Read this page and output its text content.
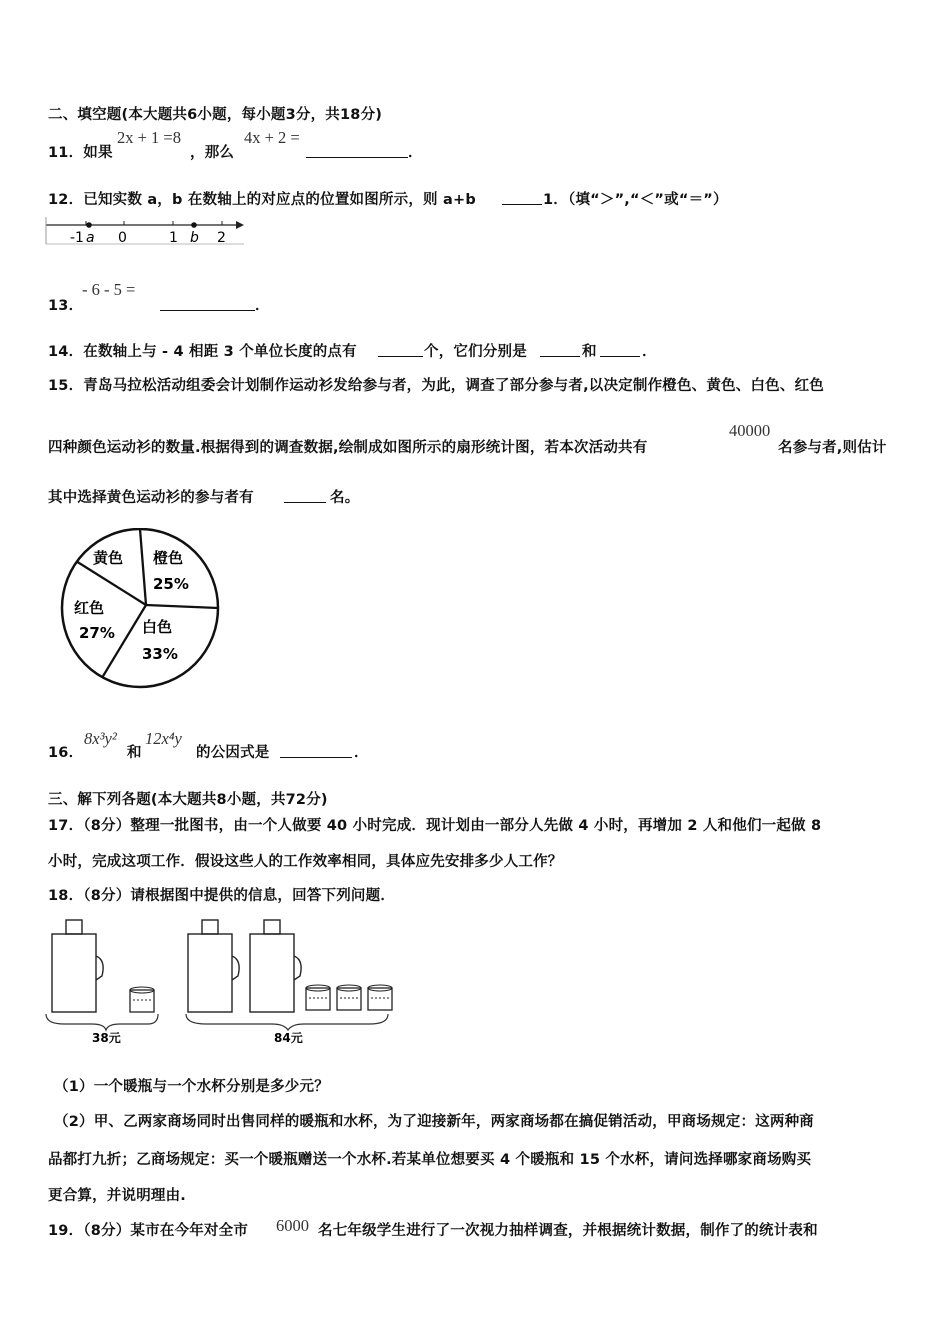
二、填空题(本大题共6小题，每小题3分，共18分)
11．如果
2x + 1 =8
，那么
4x + 2 =
．
12．已知实数 a，b 在数轴上的对应点的位置如图所示，则 a+b	1．（填“＞”,“＜”或“＝”）
-1 a 0	1 b 2
13．
- 6 - 5 =
．
14．在数轴上与 - 4 相距 3 个单位长度的点有	个，它们分别是	和	．
15．青岛马拉松活动组委会计划制作运动衫发给参与者，为此，调查了部分参与者,以决定制作橙色、黄色、白色、红色
四种颜色运动衫的数量.根据得到的调查数据,绘制成如图所示的扇形统计图，若本次活动共有
40000
名参与者,则估计
其中选择黄色运动衫的参与者有	名。
黄色 橙色
25%
白色
33%
红色
27%
16．
8x³y²
和
12x⁴y
的公因式是	．
三、解下列各题(本大题共8小题，共72分)
17．（8分）整理一批图书，由一个人做要 40 小时完成．现计划由一部分人先做 4 小时，再增加 2 人和他们一起做 8
小时，完成这项工作．假设这些人的工作效率相同，具体应先安排多少人工作？
18．（8分）请根据图中提供的信息，回答下列问题．
38元	84元
（1）一个暖瓶与一个水杯分别是多少元？
（2）甲、乙两家商场同时出售同样的暖瓶和水杯，为了迎接新年，两家商场都在搞促销活动，甲商场规定：这两种商
品都打九折；乙商场规定：买一个暖瓶赠送一个水杯.若某单位想要买 4 个暖瓶和 15 个水杯，请问选择哪家商场购买
更合算，并说明理由.
19．（8分）某市在今年对全市 6000 名七年级学生进行了一次视力抽样调查，并根据统计数据，制作了的统计表和
